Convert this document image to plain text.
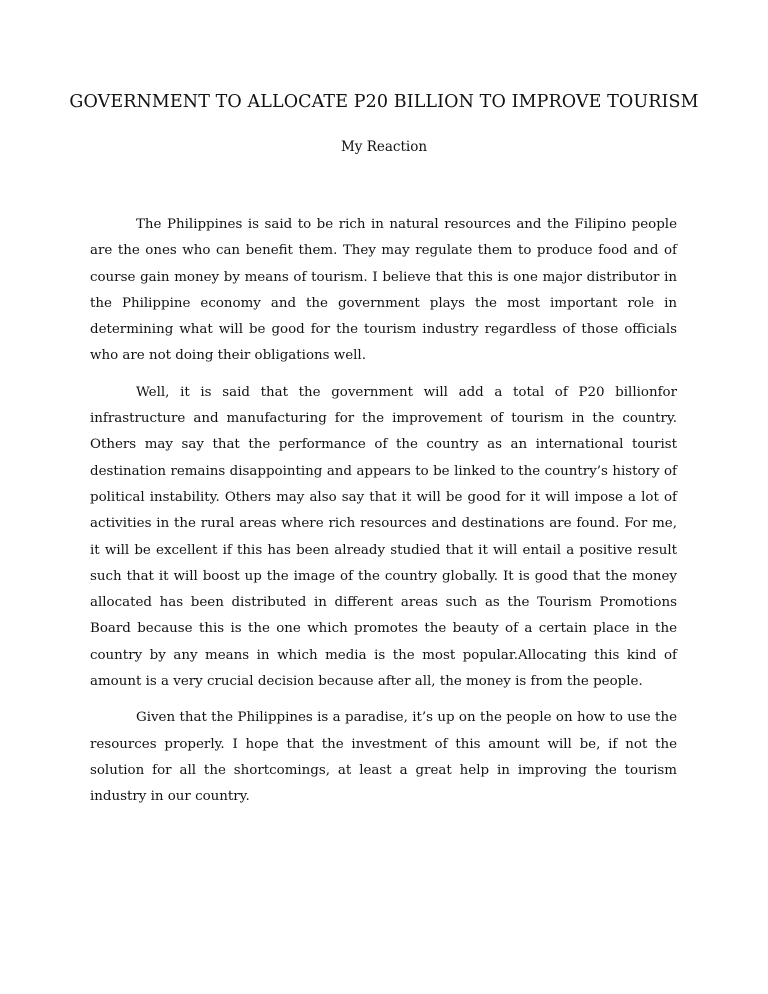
GOVERNMENT TO ALLOCATE P20 BILLION TO IMPROVE TOURISM

My Reaction

The Philippines is said to be rich in natural resources and the Filipino people are the ones who can benefit them. They may regulate them to produce food and of course gain money by means of tourism. I believe that this is one major distributor in the Philippine economy and the government plays the most important role in determining what will be good for the tourism industry regardless of those officials who are not doing their obligations well.

Well, it is said that the government will add a total of P20 billionfor infrastructure and manufacturing for the improvement of tourism in the country. Others may say that the performance of the country as an international tourist destination remains disappointing and appears to be linked to the country’s history of political instability. Others may also say that it will be good for it will impose a lot of activities in the rural areas where rich resources and destinations are found. For me, it will be excellent if this has been already studied that it will entail a positive result such that it will boost up the image of the country globally. It is good that the money allocated has been distributed in different areas such as the Tourism Promotions Board because this is the one which promotes the beauty of a certain place in the country by any means in which media is the most popular.Allocating this kind of amount is a very crucial decision because after all, the money is from the people.

Given that the Philippines is a paradise, it’s up on the people on how to use the resources properly. I hope that the investment of this amount will be, if not the solution for all the shortcomings, at least a great help in improving the tourism industry in our country.
